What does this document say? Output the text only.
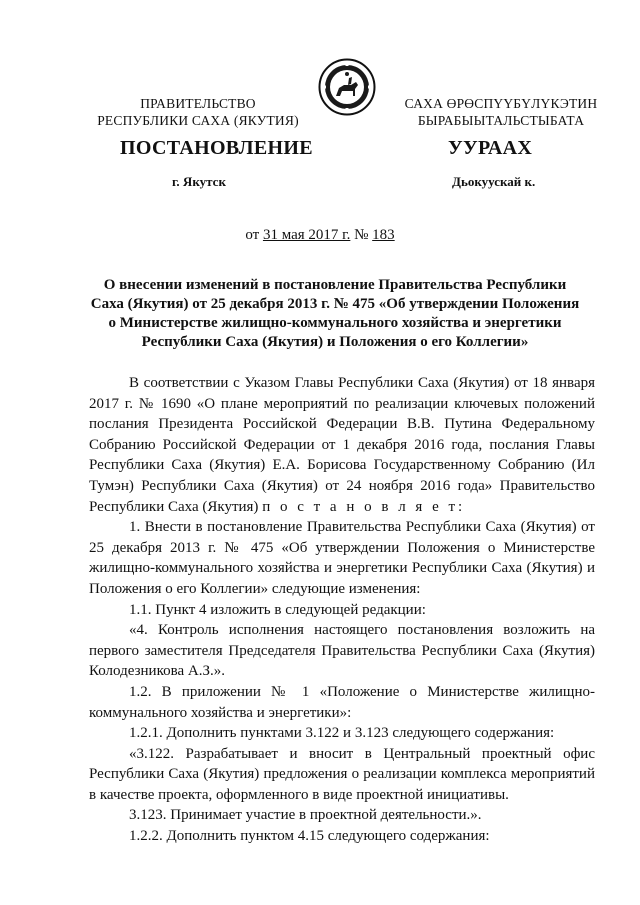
ПРАВИТЕЛЬСТВО
РЕСПУБЛИКИ САХА (ЯКУТИЯ)
САХА ӨРӨСПҮҮБҮЛҮКЭТИН
БЫРАБЫЫТАЛЬСТЫБАТА
ПОСТАНОВЛЕНИЕ	УУРААХ
г. Якутск	Дьокуускай к.
от 31 мая 2017 г. № 183
О внесении изменений в постановление Правительства Республики
Саха (Якутия) от 25 декабря 2013 г. № 475 «Об утверждении Положения
о Министерстве жилищно-коммунального хозяйства и энергетики
Республики Саха (Якутия) и Положения о его Коллегии»

В соответствии с Указом Главы Республики Саха (Якутия) от 18 января 2017 г. № 1690 «О плане мероприятий по реализации ключевых положений послания Президента Российской Федерации В.В. Путина Федеральному Собранию Российской Федерации от 1 декабря 2016 года, послания Главы Республики Саха (Якутия) Е.А. Борисова Государственному Собранию (Ил Тумэн) Республики Саха (Якутия) от 24 ноября 2016 года» Правительство Республики Саха (Якутия) п о с т а н о в л я е т:

1. Внести в постановление Правительства Республики Саха (Якутия) от 25 декабря 2013 г. № 475 «Об утверждении Положения о Министерстве жилищно-коммунального хозяйства и энергетики Республики Саха (Якутия) и Положения о его Коллегии» следующие изменения:

1.1. Пункт 4 изложить в следующей редакции:

«4. Контроль исполнения настоящего постановления возложить на первого заместителя Председателя Правительства Республики Саха (Якутия) Колодезникова А.З.».

1.2. В приложении № 1 «Положение о Министерстве жилищно-коммунального хозяйства и энергетики»:

1.2.1. Дополнить пунктами 3.122 и 3.123 следующего содержания:

«3.122. Разрабатывает и вносит в Центральный проектный офис Республики Саха (Якутия) предложения о реализации комплекса мероприятий в качестве проекта, оформленного в виде проектной инициативы.

3.123. Принимает участие в проектной деятельности.».

1.2.2. Дополнить пунктом 4.15 следующего содержания:
